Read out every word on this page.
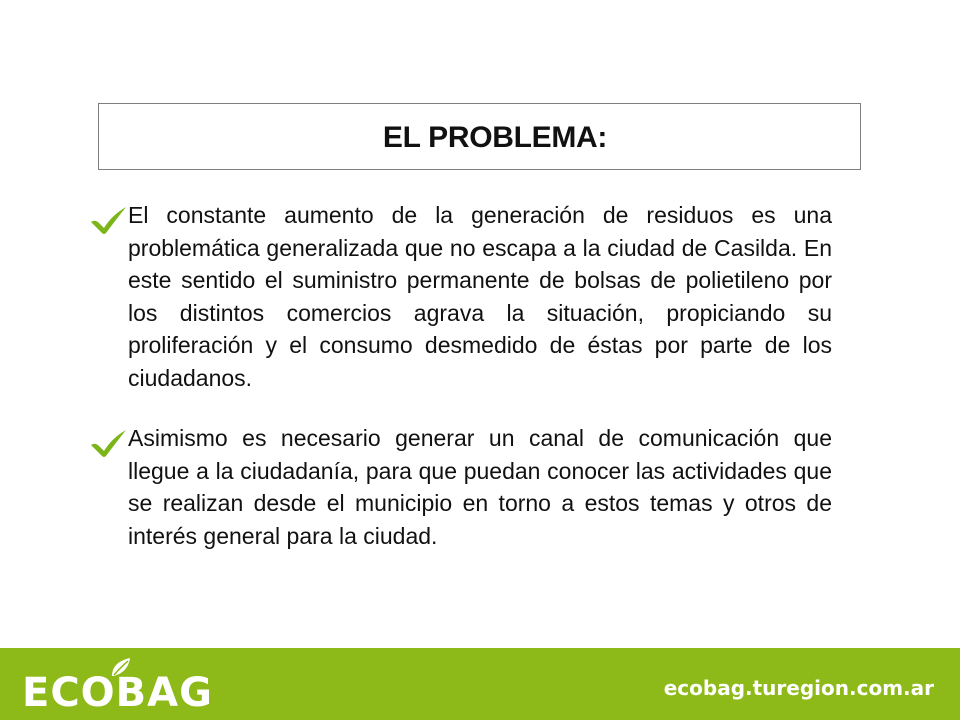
EL PROBLEMA:

El constante aumento de la generación de residuos es una problemática generalizada que no escapa a la ciudad de Casilda. En este sentido el suministro permanente de bolsas de polietileno por los distintos comercios agrava la situación, propiciando su proliferación y el consumo desmedido de éstas por parte de los ciudadanos.

Asimismo es necesario generar un canal de comunicación que llegue a la ciudadanía, para que puedan conocer las actividades que se realizan desde el municipio en torno a estos temas y otros de interés general para la ciudad.

ECOBAG	ecobag.turegion.com.ar
